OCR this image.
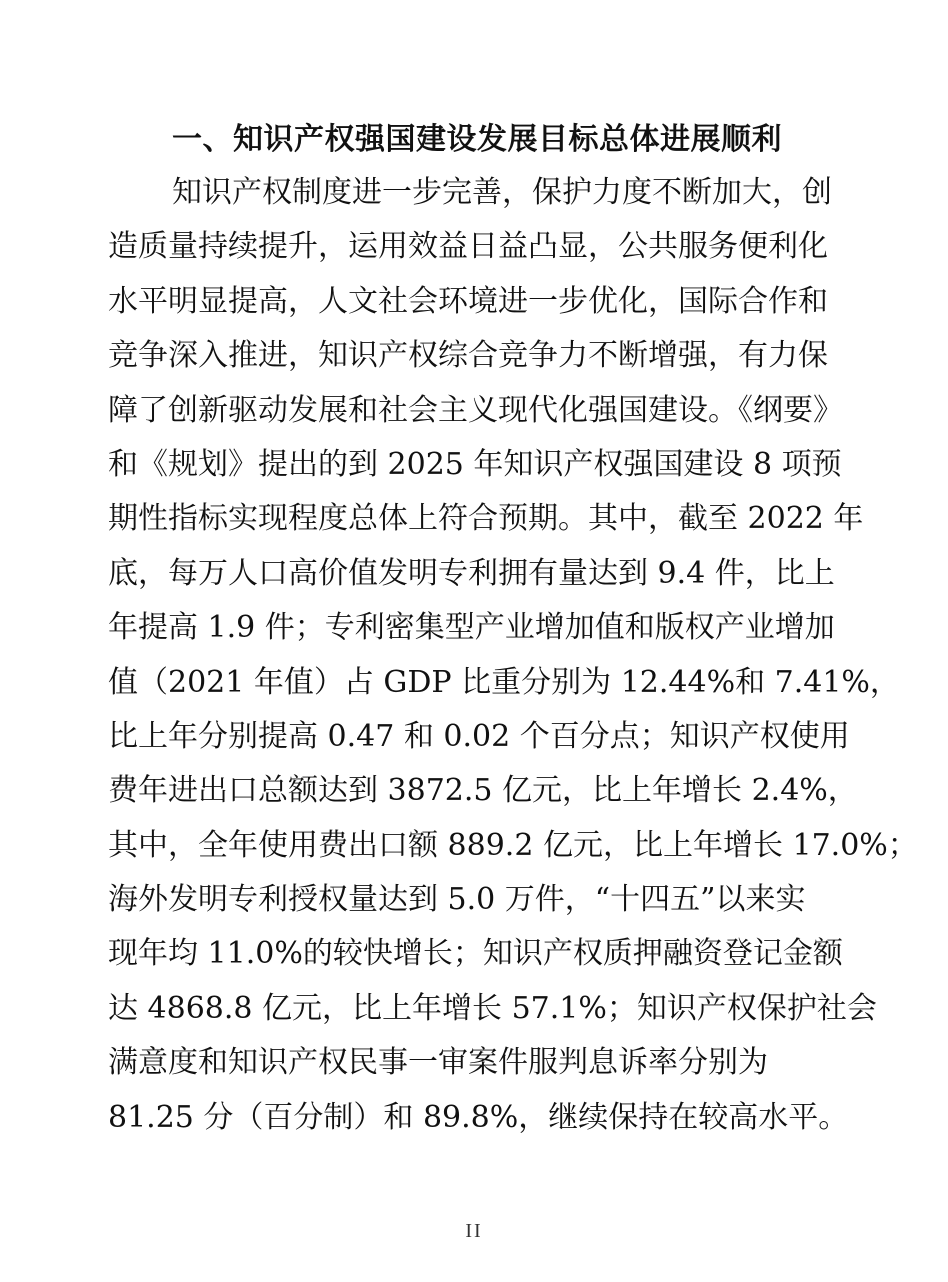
一、知识产权强国建设发展目标总体进展顺利
知识产权制度进一步完善，保护力度不断加大，创
造质量持续提升，运用效益日益凸显，公共服务便利化
水平明显提高，人文社会环境进一步优化，国际合作和
竞争深入推进，知识产权综合竞争力不断增强，有力保
障了创新驱动发展和社会主义现代化强国建设。《纲要》
和《规划》提出的到 2025 年知识产权强国建设 8 项预
期性指标实现程度总体上符合预期。其中，截至 2022 年
底，每万人口高价值发明专利拥有量达到 9.4 件，比上
年提高 1.9 件；专利密集型产业增加值和版权产业增加
值（2021 年值）占 GDP 比重分别为 12.44%和 7.41%，
比上年分别提高 0.47 和 0.02 个百分点；知识产权使用
费年进出口总额达到 3872.5 亿元，比上年增长 2.4%，
其中，全年使用费出口额 889.2 亿元，比上年增长 17.0%；
海外发明专利授权量达到 5.0 万件，“十四五”以来实
现年均 11.0%的较快增长；知识产权质押融资登记金额
达 4868.8 亿元，比上年增长 57.1%；知识产权保护社会
满意度和知识产权民事一审案件服判息诉率分别为
81.25 分（百分制）和 89.8%，继续保持在较高水平。
II
